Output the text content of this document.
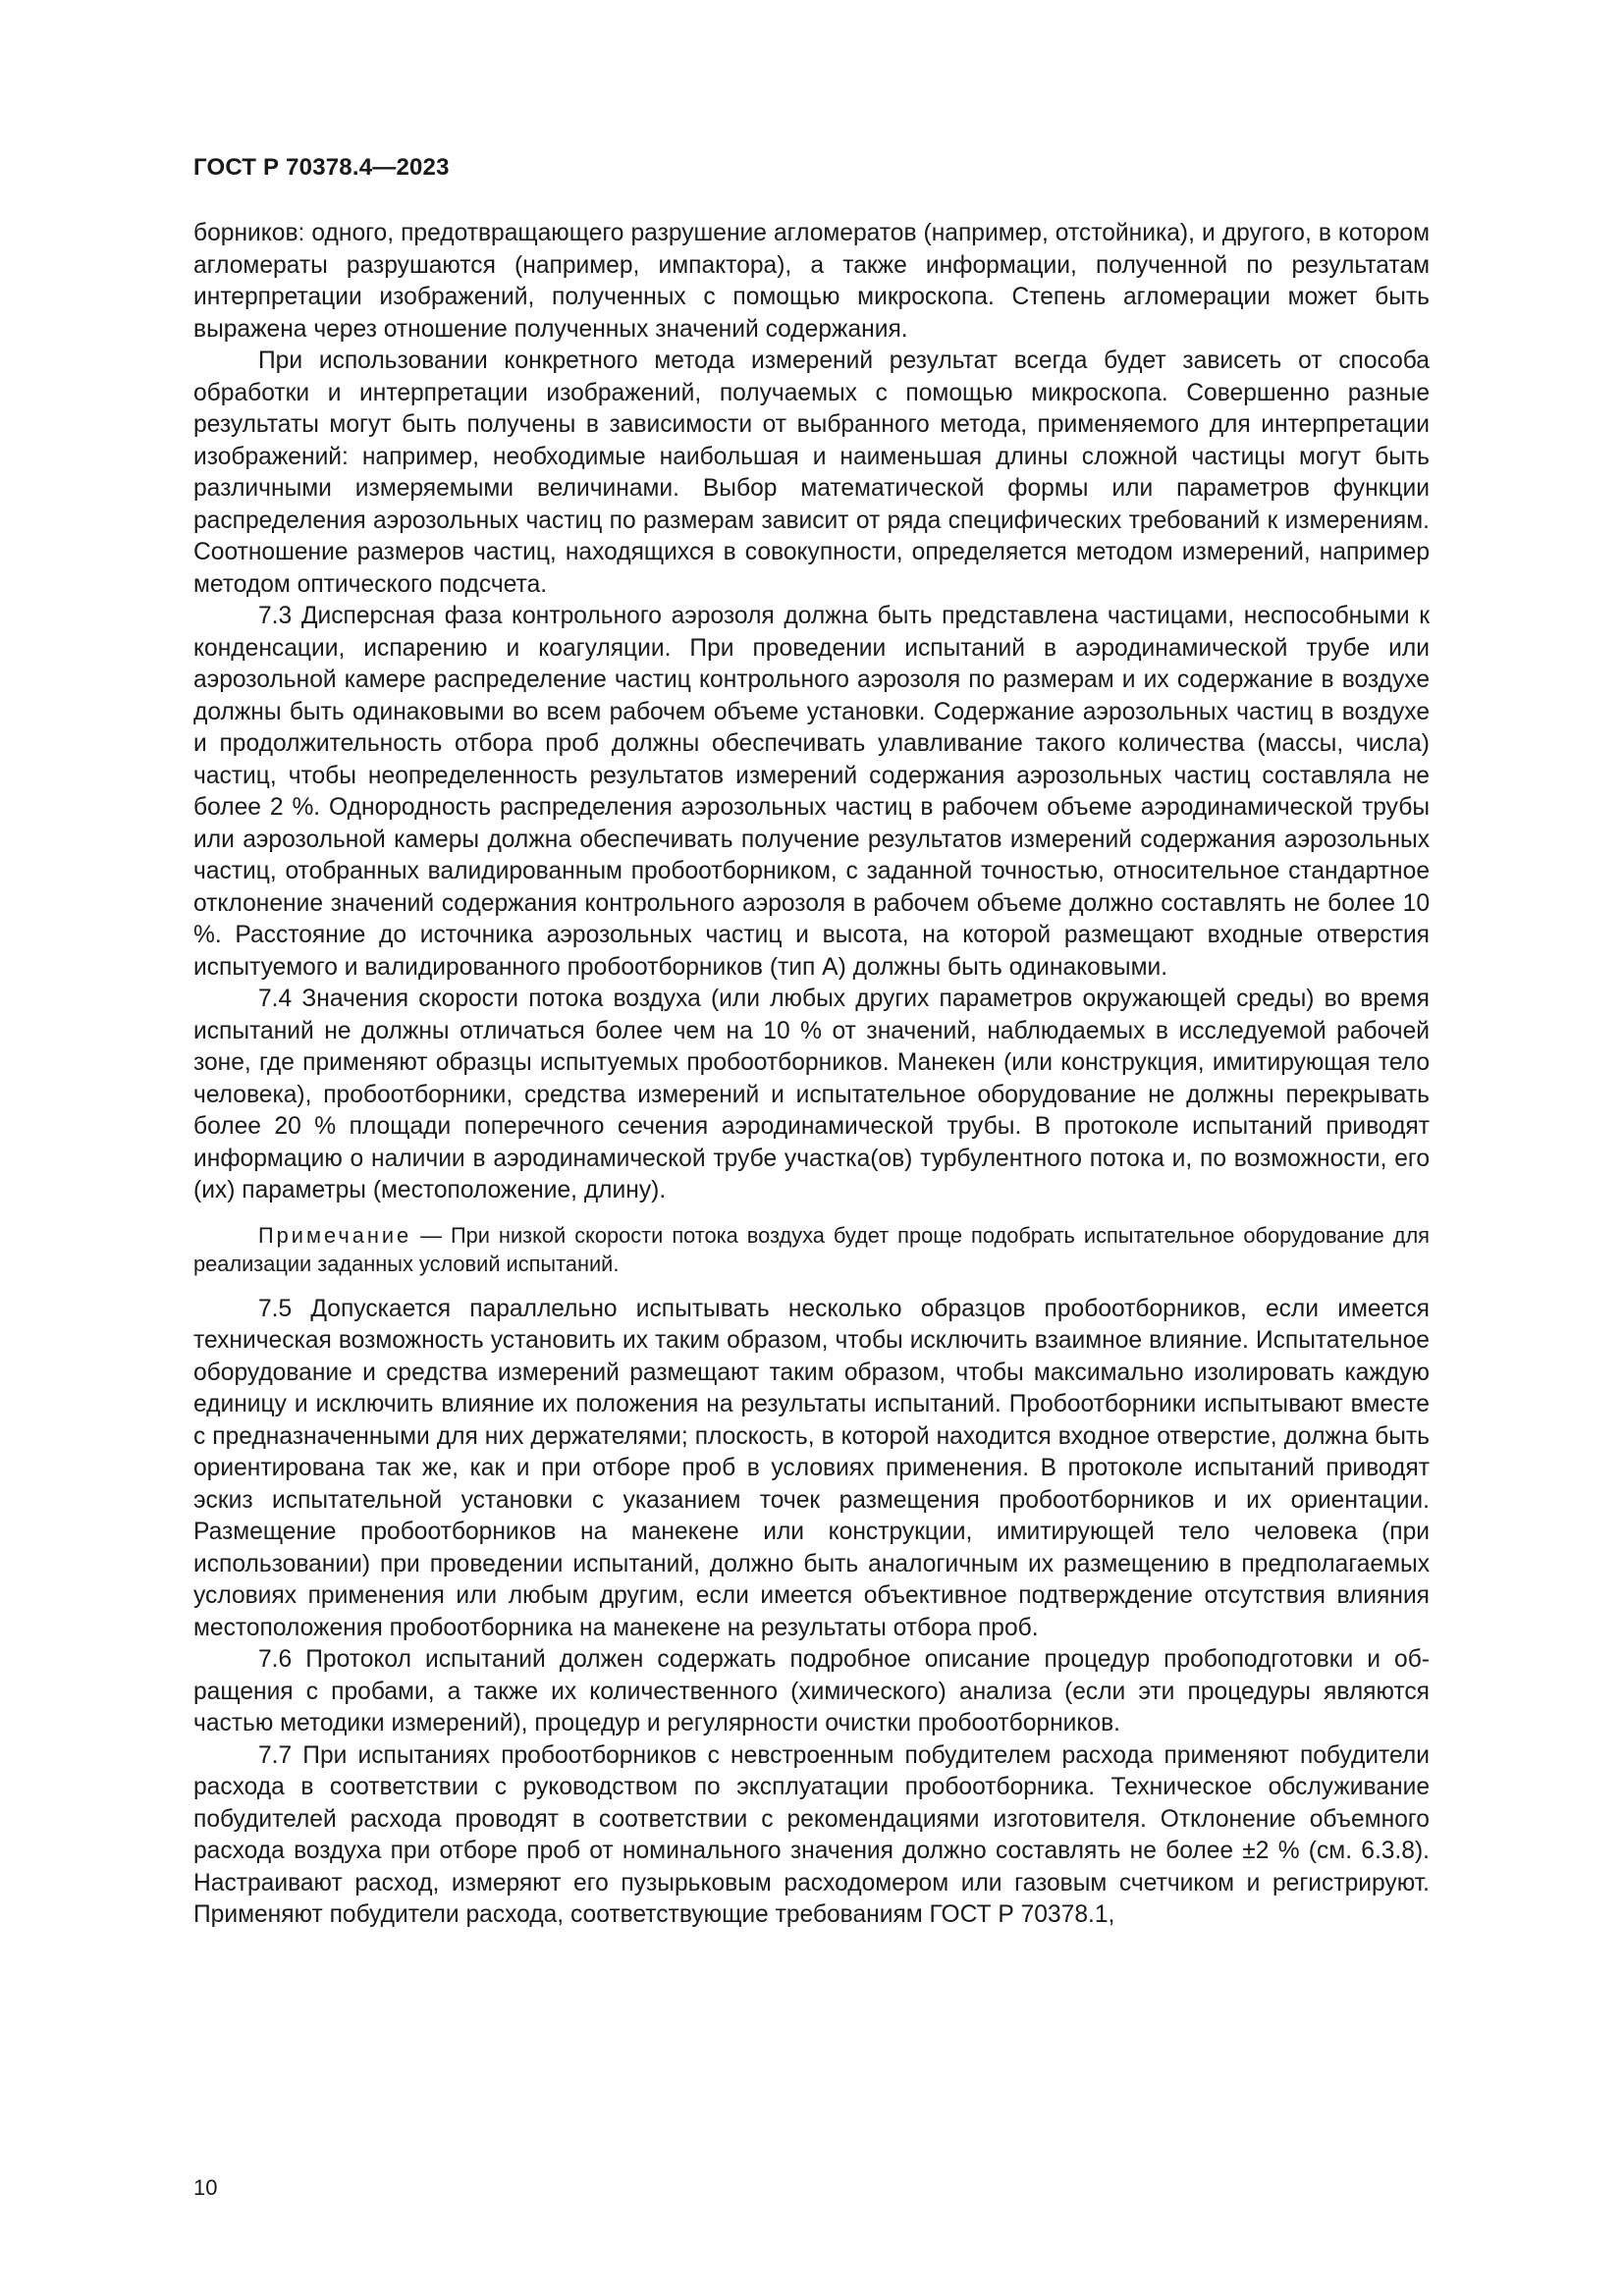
ГОСТ Р 70378.4—2023

борников: одного, предотвращающего разрушение агломератов (например, отстойника), и другого, в котором агломераты разрушаются (например, импактора), а также информации, полученной по результатам интерпретации изображений, полученных с помощью микроскопа. Степень агломерации может быть выражена через отношение полученных значений содержания.

При использовании конкретного метода измерений результат всегда будет зависеть от способа обработки и интерпретации изображений, получаемых с помощью микроскопа. Совершенно разные результаты могут быть получены в зависимости от выбранного метода, применяемого для интерпретации изображений: например, необходимые наибольшая и наименьшая длины сложной частицы могут быть различными измеряемыми величинами. Выбор математической формы или параметров функции распределения аэрозольных частиц по размерам зависит от ряда специфических требований к измерениям. Соотношение размеров частиц, находящихся в совокупности, определяется методом измерений, например методом оптического подсчета.

7.3 Дисперсная фаза контрольного аэрозоля должна быть представлена частицами, неспособными к конденсации, испарению и коагуляции. При проведении испытаний в аэродинамической трубе или аэрозольной камере распределение частиц контрольного аэрозоля по размерам и их содержание в воздухе должны быть одинаковыми во всем рабочем объеме установки. Содержание аэрозольных частиц в воздухе и продолжительность отбора проб должны обеспечивать улавливание такого количества (массы, числа) частиц, чтобы неопределенность результатов измерений содержания аэрозольных частиц составляла не более 2 %. Однородность распределения аэрозольных частиц в рабочем объеме аэродинамической трубы или аэрозольной камеры должна обеспечивать получение результатов измерений содержания аэрозольных частиц, отобранных валидированным пробоотборником, с заданной точностью, относительное стандартное отклонение значений содержания контрольного аэрозоля в рабочем объеме должно составлять не более 10 %. Расстояние до источника аэрозольных частиц и высота, на которой размещают входные отверстия испытуемого и валидированного пробоотборников (тип А) должны быть одинаковыми.

7.4 Значения скорости потока воздуха (или любых других параметров окружающей среды) во время испытаний не должны отличаться более чем на 10 % от значений, наблюдаемых в исследуемой рабочей зоне, где применяют образцы испытуемых пробоотборников. Манекен (или конструкция, имитирующая тело человека), пробоотборники, средства измерений и испытательное оборудование не должны перекрывать более 20 % площади поперечного сечения аэродинамической трубы. В протоколе испытаний приводят информацию о наличии в аэродинамической трубе участка(ов) турбулентного потока и, по возможности, его (их) параметры (местоположение, длину).

Примечание — При низкой скорости потока воздуха будет проще подобрать испытательное оборудование для реализации заданных условий испытаний.

7.5 Допускается параллельно испытывать несколько образцов пробоотборников, если имеется техническая возможность установить их таким образом, чтобы исключить взаимное влияние. Испытательное оборудование и средства измерений размещают таким образом, чтобы максимально изолировать каждую единицу и исключить влияние их положения на результаты испытаний. Пробоотборники испытывают вместе с предназначенными для них держателями; плоскость, в которой находится входное отверстие, должна быть ориентирована так же, как и при отборе проб в условиях применения. В протоколе испытаний приводят эскиз испытательной установки с указанием точек размещения пробоотборников и их ориентации. Размещение пробоотборников на манекене или конструкции, имитирующей тело человека (при использовании) при проведении испытаний, должно быть аналогичным их размещению в предполагаемых условиях применения или любым другим, если имеется объективное подтверждение отсутствия влияния местоположения пробоотборника на манекене на результаты отбора проб.

7.6 Протокол испытаний должен содержать подробное описание процедур пробоподготовки и обращения с пробами, а также их количественного (химического) анализа (если эти процедуры являются частью методики измерений), процедур и регулярности очистки пробоотборников.

7.7 При испытаниях пробоотборников с невстроенным побудителем расхода применяют побудители расхода в соответствии с руководством по эксплуатации пробоотборника. Техническое обслуживание побудителей расхода проводят в соответствии с рекомендациями изготовителя. Отклонение объемного расхода воздуха при отборе проб от номинального значения должно составлять не более ±2 % (см. 6.3.8). Настраивают расход, измеряют его пузырьковым расходомером или газовым счетчиком и регистрируют. Применяют побудители расхода, соответствующие требованиям ГОСТ Р 70378.1,

10
